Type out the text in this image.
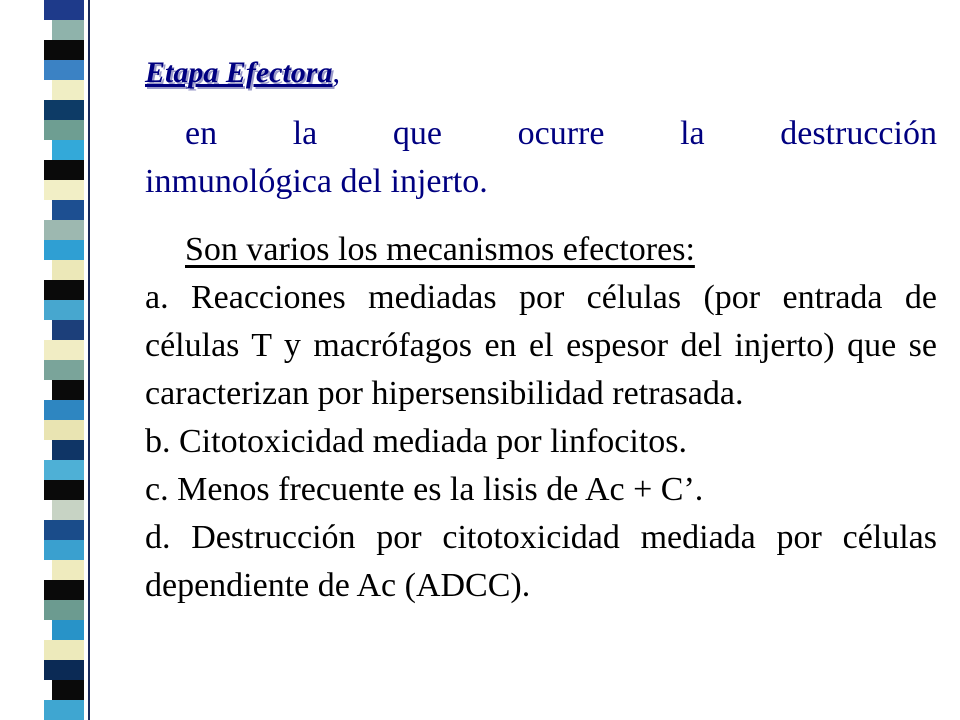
Etapa Efectora,
en la que ocurre la destrucción
inmunológica del injerto.
Son varios los mecanismos efectores:
a. Reacciones mediadas por células (por entrada de células T y macrófagos en el espesor del injerto) que se caracterizan por hipersensibilidad retrasada.
b. Citotoxicidad mediada por linfocitos.
c. Menos frecuente es la lisis de Ac + C’.
d. Destrucción por citotoxicidad mediada por células dependiente de Ac (ADCC).
